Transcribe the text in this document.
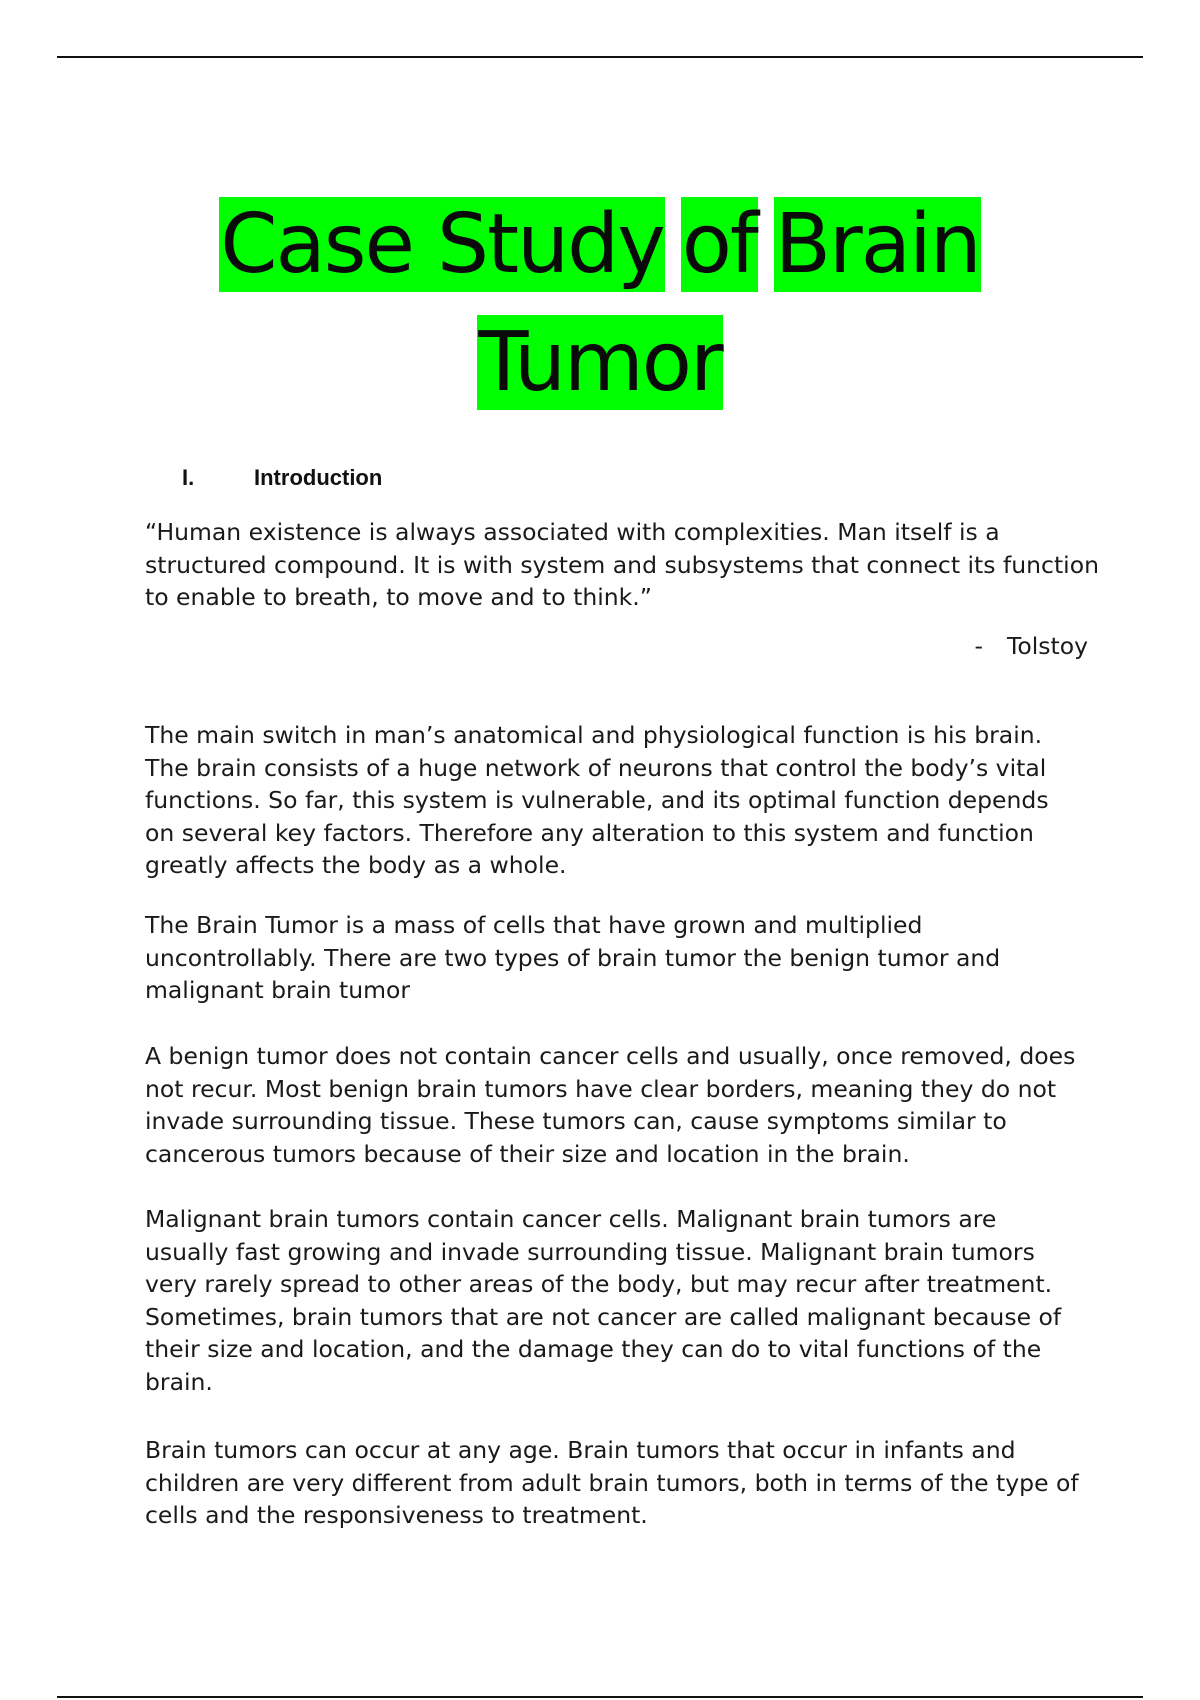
Case Study of Brain
Tumor
I.	Introduction
“Human existence is always associated with complexities. Man itself is a structured compound. It is with system and subsystems that connect its function to enable to breath, to move and to think.”
- Tolstoy

The main switch in man’s anatomical and physiological function is his brain. The brain consists of a huge network of neurons that control the body’s vital functions. So far, this system is vulnerable, and its optimal function depends on several key factors. Therefore any alteration to this system and function greatly affects the body as a whole.

The Brain Tumor is a mass of cells that have grown and multiplied uncontrollably. There are two types of brain tumor the benign tumor and malignant brain tumor

A benign tumor does not contain cancer cells and usually, once removed, does not recur. Most benign brain tumors have clear borders, meaning they do not invade surrounding tissue. These tumors can, cause symptoms similar to cancerous tumors because of their size and location in the brain.

Malignant brain tumors contain cancer cells. Malignant brain tumors are usually fast growing and invade surrounding tissue. Malignant brain tumors very rarely spread to other areas of the body, but may recur after treatment. Sometimes, brain tumors that are not cancer are called malignant because of their size and location, and the damage they can do to vital functions of the brain.

Brain tumors can occur at any age. Brain tumors that occur in infants and children are very different from adult brain tumors, both in terms of the type of cells and the responsiveness to treatment.
